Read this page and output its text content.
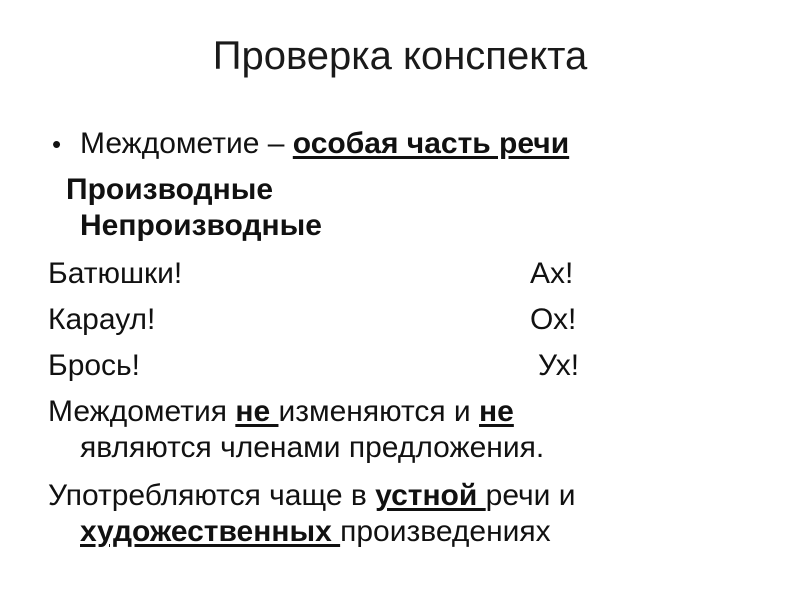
Проверка конспекта
• Междометие – особая часть речи
Производные
Непроизводные
Батюшки!	Ах!
Караул!	Ох!
Брось!	Ух!
Междометия не изменяются и не
являются членами предложения.
Употребляются чаще в устной речи и
художественных произведениях
